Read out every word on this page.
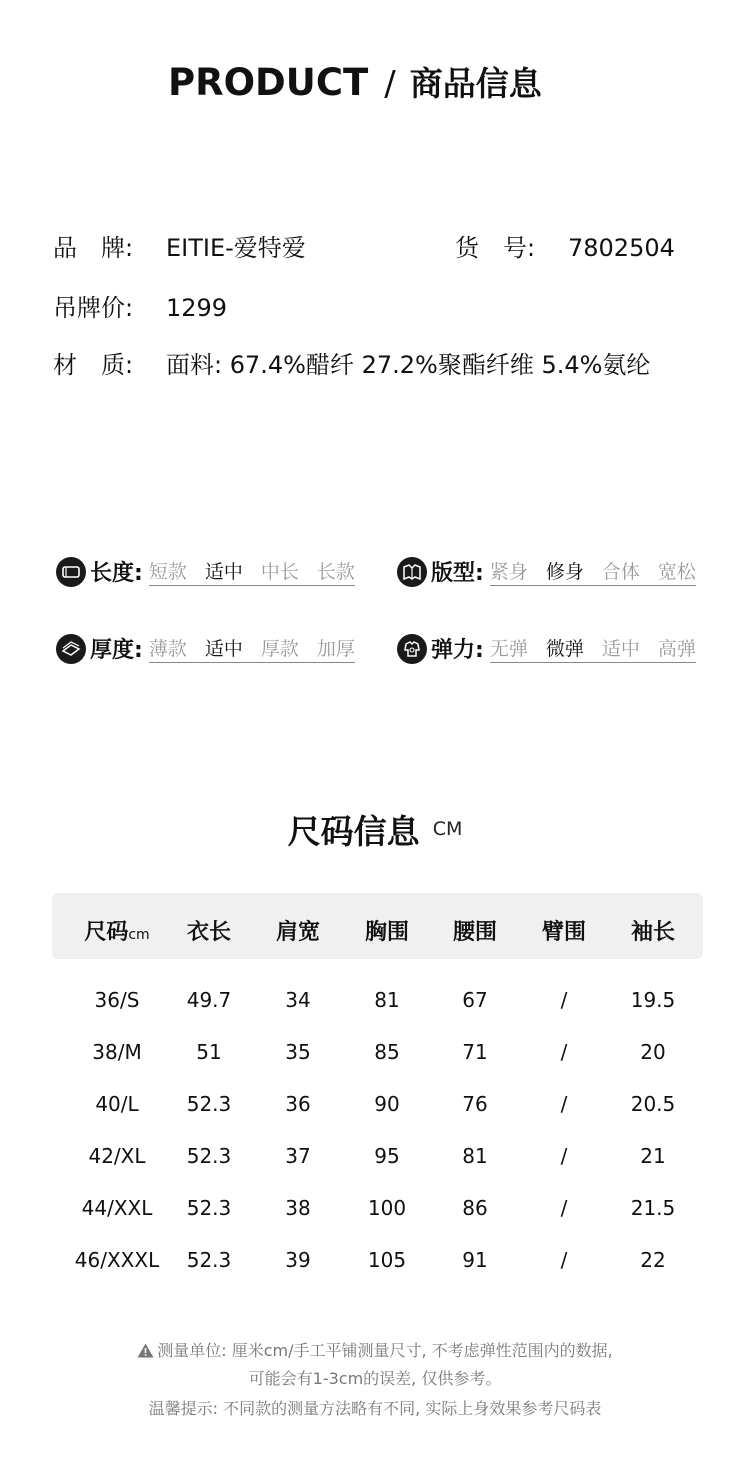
PRODUCT / 商品信息
品　牌:	EITIE-爱特爱	货　号:	7802504
吊牌价:	1299
材　质:	面料: 67.4%醋纤 27.2%聚酯纤维 5.4%氨纶
长度: 短款 适中 中长 长款	版型: 紧身 修身 合体 宽松
厚度: 薄款 适中 厚款 加厚	弹力: 无弹 微弹 适中 高弹
尺码信息 CM
尺码cm	衣长	肩宽	胸围	腰围	臂围	袖长
36/S	49.7	34	81	67	/	19.5
38/M	51	35	85	71	/	20
40/L	52.3	36	90	76	/	20.5
42/XL	52.3	37	95	81	/	21
44/XXL	52.3	38	100	86	/	21.5
46/XXXL	52.3	39	105	91	/	22
测量单位: 厘米cm/手工平铺测量尺寸, 不考虑弹性范围内的数据,
可能会有1-3cm的误差, 仅供参考。
温馨提示: 不同款的测量方法略有不同, 实际上身效果参考尺码表
